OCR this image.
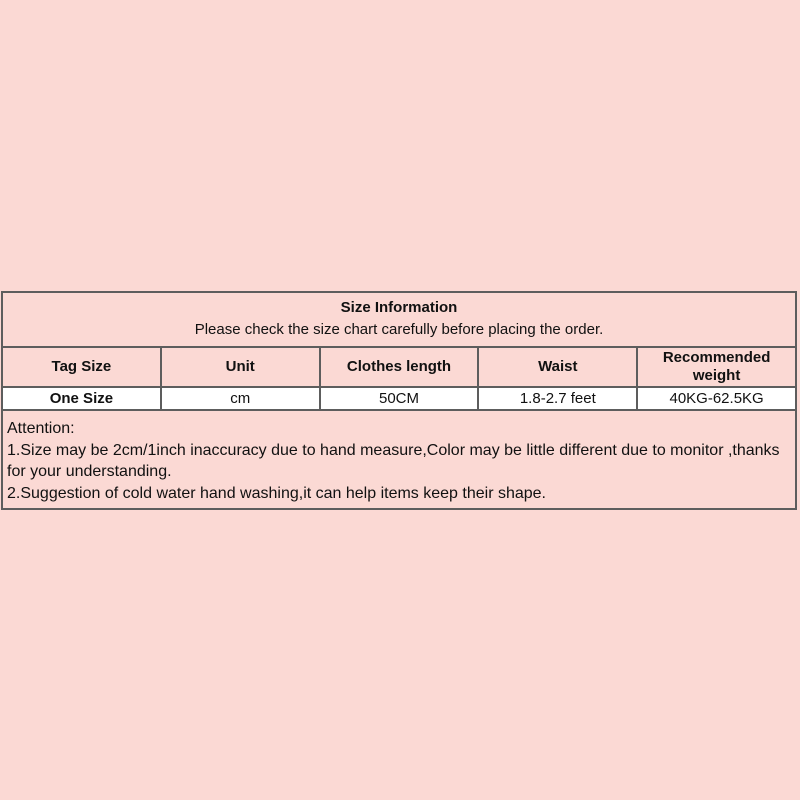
Size Information
Please check the size chart carefully before placing the order.				

Tag Size	Unit	Clothes length	Waist	Recommended weight
One Size	cm	50CM	1.8-2.7 feet	40KG-62.5KG

Attention:
1.Size may be 2cm/1inch inaccuracy due to hand measure,Color may be little different due to monitor ,thanks for your understanding.
2.Suggestion of cold water hand washing,it can help items keep their shape.				
